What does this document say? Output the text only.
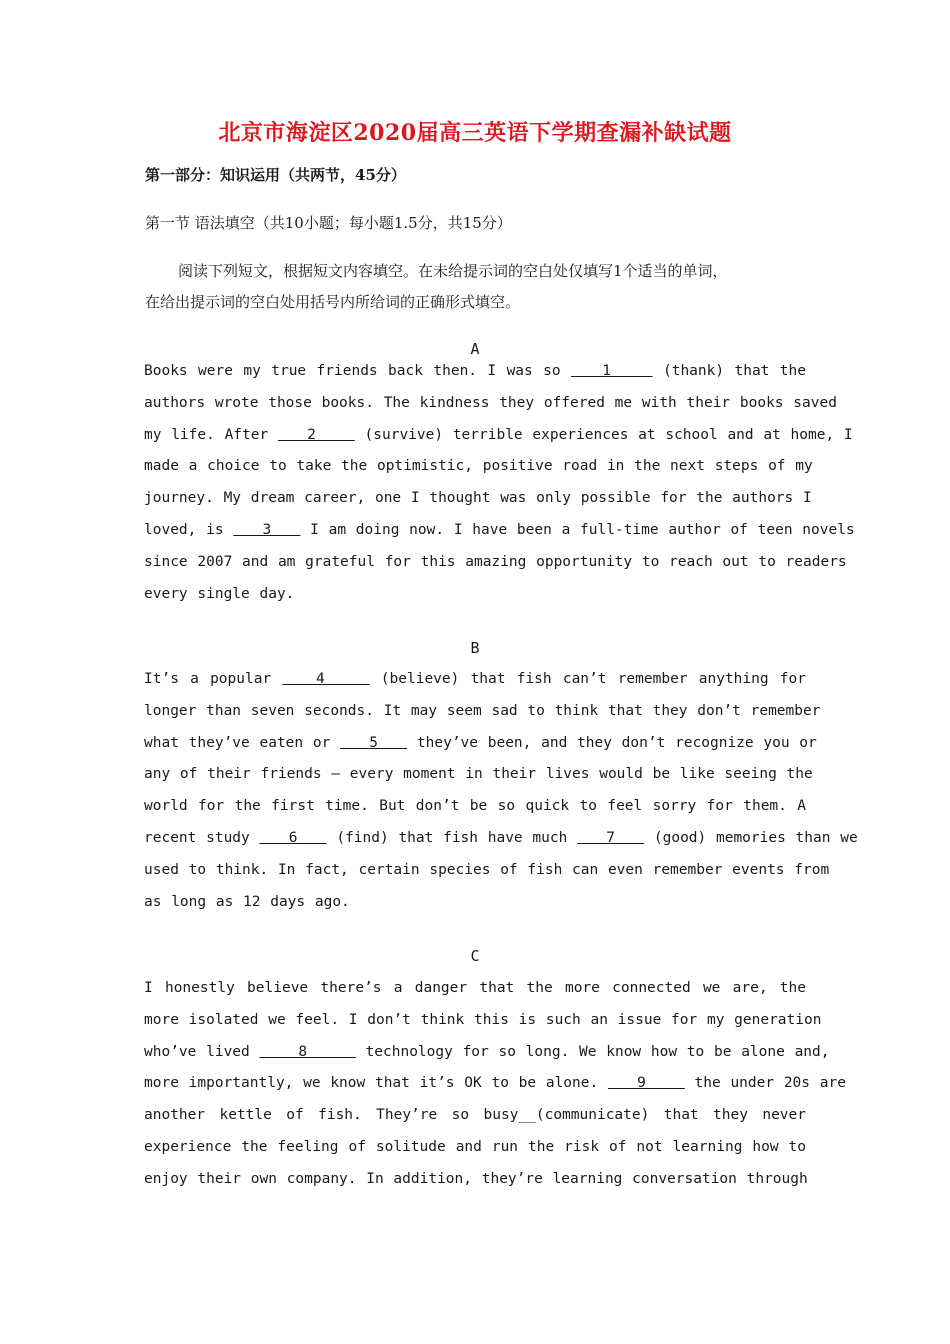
北京市海淀区2020届高三英语下学期查漏补缺试题
第一部分：知识运用（共两节，45分）
第一节 语法填空（共10小题；每小题1.5分，共15分）

阅读下列短文，根据短文内容填空。在未给提示词的空白处仅填写1个适当的单词，

在给出提示词的空白处用括号内所给词的正确形式填空。

A
Books were my true friends back then. I was so    1     (thank) that the
authors wrote those books. The kindness they offered me with their books saved
my life. After    2     (survive) terrible experiences at school and at home, I
made a choice to take the optimistic, positive road in the next steps of my
journey. My dream career, one I thought was only possible for the authors I
loved, is    3    I am doing now. I have been a full-time author of teen novels
since 2007 and am grateful for this amazing opportunity to reach out to readers
every single day.
B
It’s a popular    4     (believe) that fish can’t remember anything for
longer than seven seconds. It may seem sad to think that they don’t remember
what they’ve eaten or    5    they’ve been, and they don’t recognize you or
any of their friends – every moment in their lives would be like seeing the
world for the first time. But don’t be so quick to feel sorry for them. A
recent study    6    (find) that fish have much    7    (good) memories than we
used to think. In fact, certain species of fish can even remember events from
as long as 12 days ago.
C
I honestly believe there’s a danger that the more connected we are, the
more isolated we feel. I don’t think this is such an issue for my generation
who’ve lived     8      technology for so long. We know how to be alone and,
more importantly, we know that it’s OK to be alone.    9     the under 20s are
another kettle of fish. They’re so busy__(communicate) that they never
experience the feeling of solitude and run the risk of not learning how to
enjoy their own company. In addition, they’re learning conversation through
